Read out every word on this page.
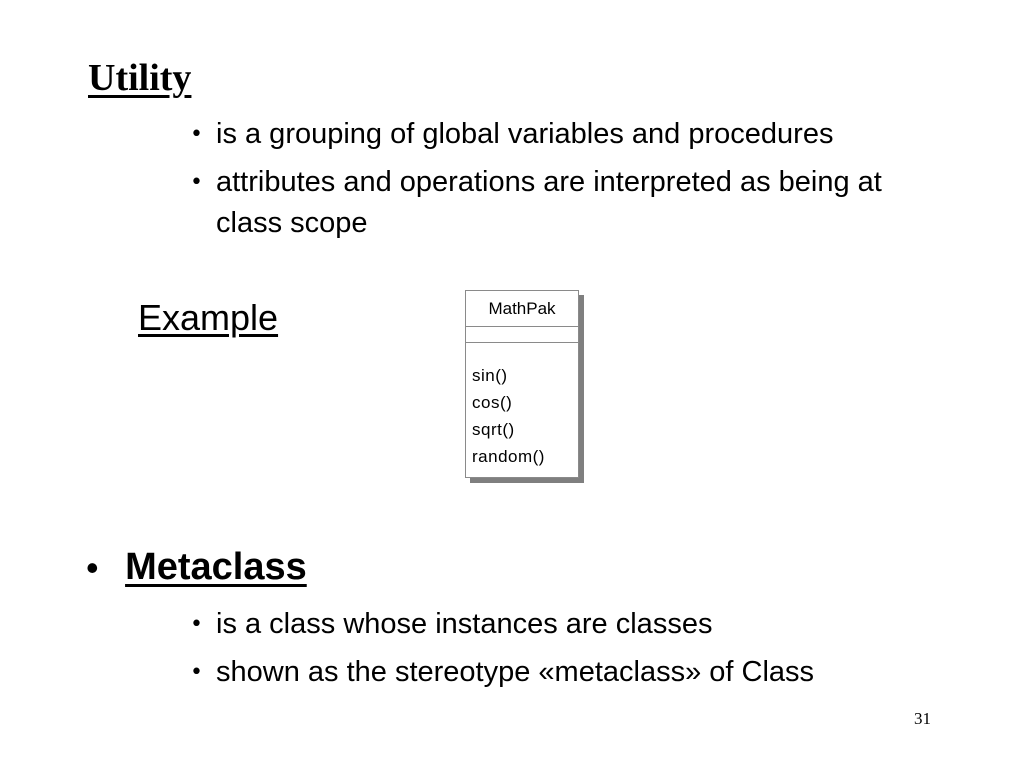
Utility
• is a grouping of global variables and procedures
• attributes and operations are interpreted as being at class scope
Example	MathPak
sin()
cos()
sqrt()
random()
• Metaclass
• is a class whose instances are classes
• shown as the stereotype «metaclass» of Class
31
